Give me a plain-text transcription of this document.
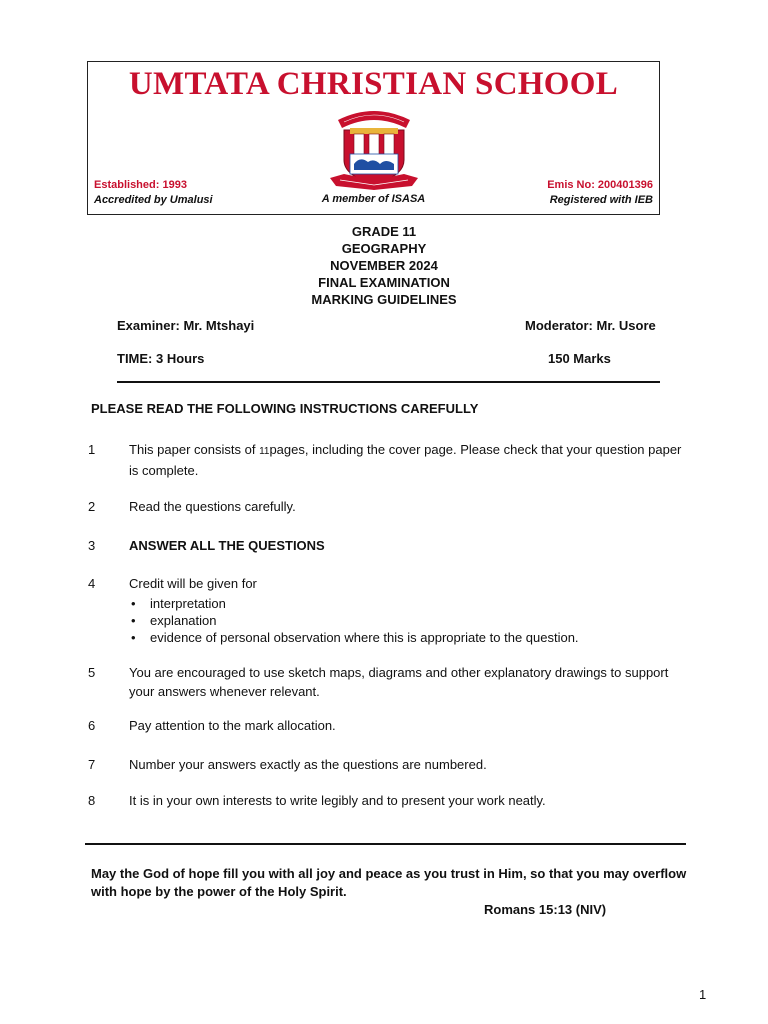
UMTATA CHRISTIAN SCHOOL
Established: 1993
Accredited by Umalusi	A member of ISASA
Emis No: 200401396
Registered with IEB
GRADE 11
GEOGRAPHY
NOVEMBER 2024
FINAL EXAMINATION
MARKING GUIDELINES
Examiner: Mr. Mtshayi	Moderator: Mr. Usore
TIME: 3 Hours	150 Marks
PLEASE READ THE FOLLOWING INSTRUCTIONS CAREFULLY
1	This paper consists of 11pages, including the cover page. Please check that your question paper is complete.
2	Read the questions carefully.
3	ANSWER ALL THE QUESTIONS
4	Credit will be given for
• interpretation
• explanation
• evidence of personal observation where this is appropriate to the question.
5	You are encouraged to use sketch maps, diagrams and other explanatory drawings to support your answers whenever relevant.
6	Pay attention to the mark allocation.
7	Number your answers exactly as the questions are numbered.
8	It is in your own interests to write legibly and to present your work neatly.
May the God of hope fill you with all joy and peace as you trust in Him, so that you may overflow with hope by the power of the Holy Spirit.
Romans 15:13 (NIV)
1
